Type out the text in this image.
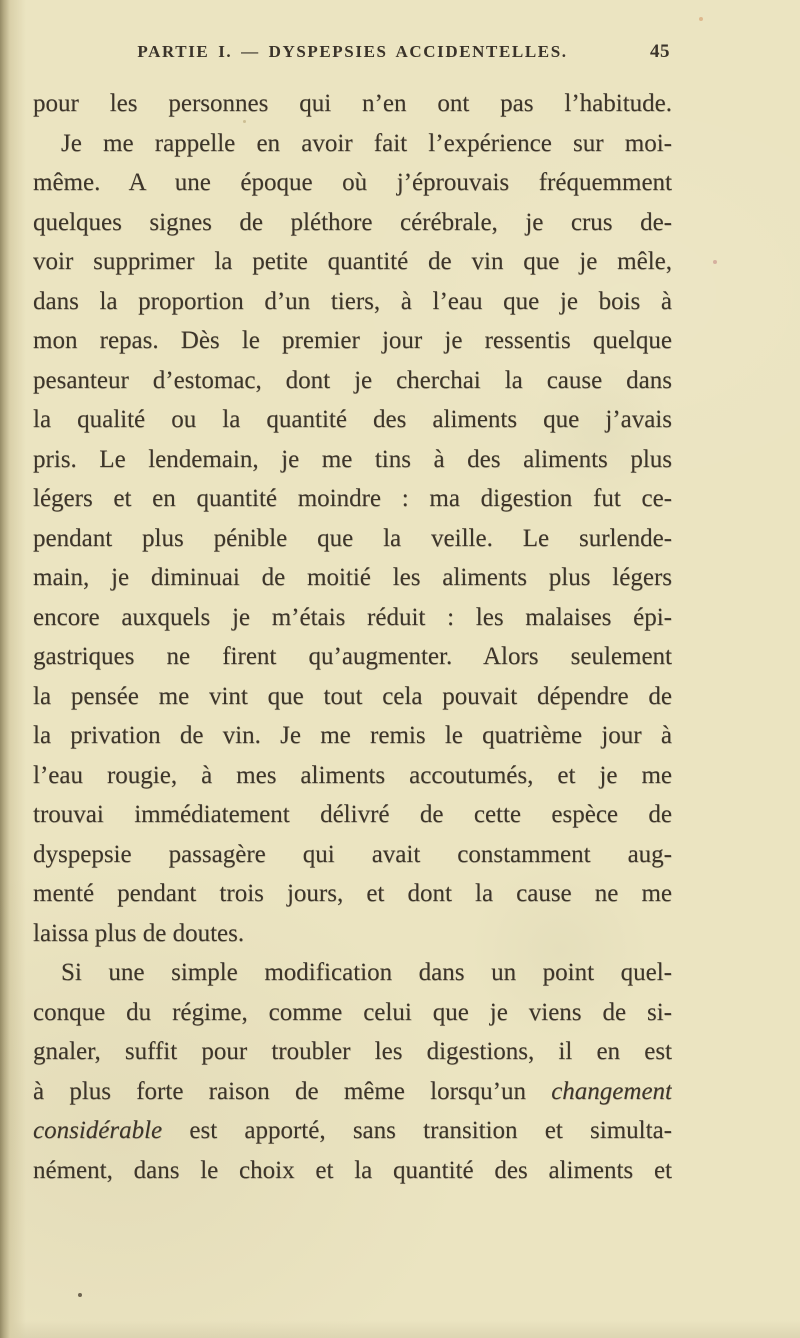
PARTIE I. — DYSPEPSIES ACCIDENTELLES.	45
pour les personnes qui n’en ont pas l’habitude.
Je me rappelle en avoir fait l’expérience sur moi-
même. A une époque où j’éprouvais fréquemment
quelques signes de pléthore cérébrale, je crus de-
voir supprimer la petite quantité de vin que je mêle,
dans la proportion d’un tiers, à l’eau que je bois à
mon repas. Dès le premier jour je ressentis quelque
pesanteur d’estomac, dont je cherchai la cause dans
la qualité ou la quantité des aliments que j’avais
pris. Le lendemain, je me tins à des aliments plus
légers et en quantité moindre : ma digestion fut ce-
pendant plus pénible que la veille. Le surlende-
main, je diminuai de moitié les aliments plus légers
encore auxquels je m’étais réduit : les malaises épi-
gastriques ne firent qu’augmenter. Alors seulement
la pensée me vint que tout cela pouvait dépendre de
la privation de vin. Je me remis le quatrième jour à
l’eau rougie, à mes aliments accoutumés, et je me
trouvai immédiatement délivré de cette espèce de
dyspepsie passagère qui avait constamment aug-
menté pendant trois jours, et dont la cause ne me
laissa plus de doutes.
Si une simple modification dans un point quel-
conque du régime, comme celui que je viens de si-
gnaler, suffit pour troubler les digestions, il en est
à plus forte raison de même lorsqu’un changement
considérable est apporté, sans transition et simulta-
nément, dans le choix et la quantité des aliments et
